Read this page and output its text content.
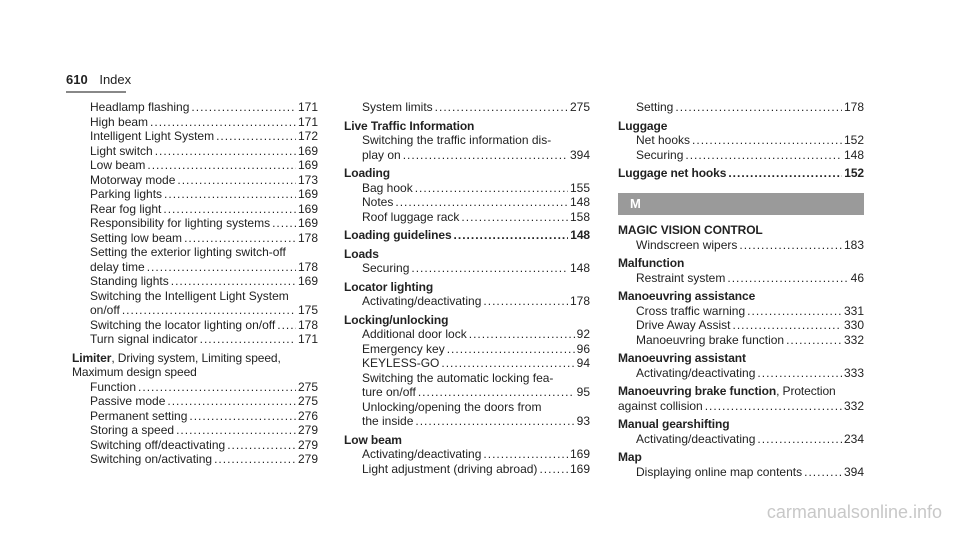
610 Index
Headlamp flashing .....	171
High beam .....	171
Intelligent Light System .....	172
Light switch .....	169
Low beam .....	169
Motorway mode .....	173
Parking lights .....	169
Rear fog light .....	169
Responsibility for lighting systems ..... 169
Setting low beam .....	178
Setting the exterior lighting switch-off
delay time .....	178
Standing lights .....	169
Switching the Intelligent Light System
on/off .....	175
Switching the locator lighting on/off ..... 178
Turn signal indicator .....	171
Limiter, Driving system, Limiting speed,
Maximum design speed
Function .....	275
Passive mode .....	275
Permanent setting .....	276
Storing a speed .....	279
Switching off/deactivating .....	279
Switching on/activating .....	279
System limits .....	275
Live Traffic Information
Switching the traffic information dis-
play on .....	394
Loading
Bag hook .....	155
Notes .....	148
Roof luggage rack .....	158
Loading guidelines .....	148
Loads
Securing .....	148
Locator lighting
Activating/deactivating .....	178
Locking/unlocking
Additional door lock .....	92
Emergency key .....	96
KEYLESS-GO .....	94
Switching the automatic locking fea-
ture on/off .....	95
Unlocking/opening the doors from
the inside .....	93
Low beam
Activating/deactivating .....	169
Light adjustment (driving abroad) .....	169
Setting .....	178
Luggage
Net hooks .....	152
Securing .....	148
Luggage net hooks .....	152
M
MAGIC VISION CONTROL
Windscreen wipers .....	183
Malfunction
Restraint system .....	46
Manoeuvring assistance
Cross traffic warning .....	331
Drive Away Assist .....	330
Manoeuvring brake function .....	332
Manoeuvring assistant
Activating/deactivating .....	333
Manoeuvring brake function, Protection
against collision .....	332
Manual gearshifting
Activating/deactivating .....	234
Map
Displaying online map contents .....	394
carmanualsonline.info
